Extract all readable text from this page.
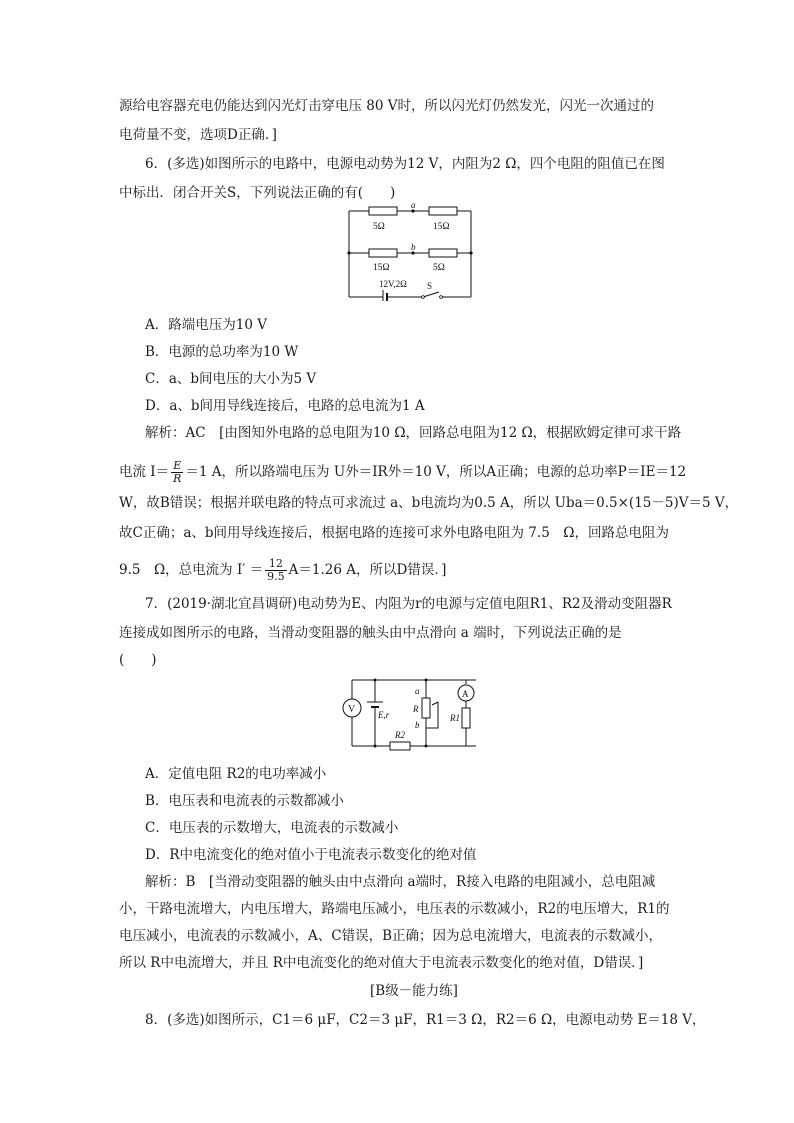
源给电容器充电仍能达到闪光灯击穿电压 80 V时，所以闪光灯仍然发光，闪光一次通过的
电荷量不变，选项D正确．]
6．(多选)如图所示的电路中，电源电动势为12 V，内阻为2 Ω，四个电阻的阻值已在图
中标出．闭合开关S，下列说法正确的有(　　)
a
b
5Ω	15Ω
15Ω	5Ω
12V,2Ω S
A．路端电压为10 V
B．电源的总功率为10 W
C．a、b间电压的大小为5 V
D．a、b间用导线连接后，电路的总电流为1 A
解析：AC　[由图知外电路的总电阻为10 Ω，回路总电阻为12 Ω，根据欧姆定律可求干路
电流 $I= \frac{E}{R} =1$ A，所以路端电压为 U外＝IR外＝10 V，所以A正确；电源的总功率P＝IE＝12
W，故B错误；根据并联电路的特点可求流过 a、b电流均为0.5 A，所以 Uba＝0.5×(15－5)V＝5 V，
故C正确；a、b间用导线连接后，根据电路的连接可求外电路电阻为 7.5　Ω，回路总电阻为
9.5　Ω，总电流为 $I' = \frac{12}{9.5} A=1.26$ A，所以D错误．]
7．(2019·湖北宜昌调研)电动势为E、内阻为r的电源与定值电阻R1、R2及滑动变阻器R
连接成如图所示的电路，当滑动变阻器的触头由中点滑向 a 端时，下列说法正确的是
(　　)
V
A
E,r
a
R
b
R1
R2
A．定值电阻 R2的电功率减小
B．电压表和电流表的示数都减小
C．电压表的示数增大，电流表的示数减小
D．R中电流变化的绝对值小于电流表示数变化的绝对值
解析：B　[当滑动变阻器的触头由中点滑向 a端时，R接入电路的电阻减小，总电阻减
小，干路电流增大，内电压增大，路端电压减小，电压表的示数减小，R2的电压增大，R1的
电压减小，电流表的示数减小，A、C错误，B正确；因为总电流增大，电流表的示数减小，
所以 R中电流增大，并且 R中电流变化的绝对值大于电流表示数变化的绝对值，D错误．]
[B级－能力练]
8．(多选)如图所示，C1＝6 μF，C2＝3 μF，R1＝3 Ω，R2＝6 Ω，电源电动势 E＝18 V，
